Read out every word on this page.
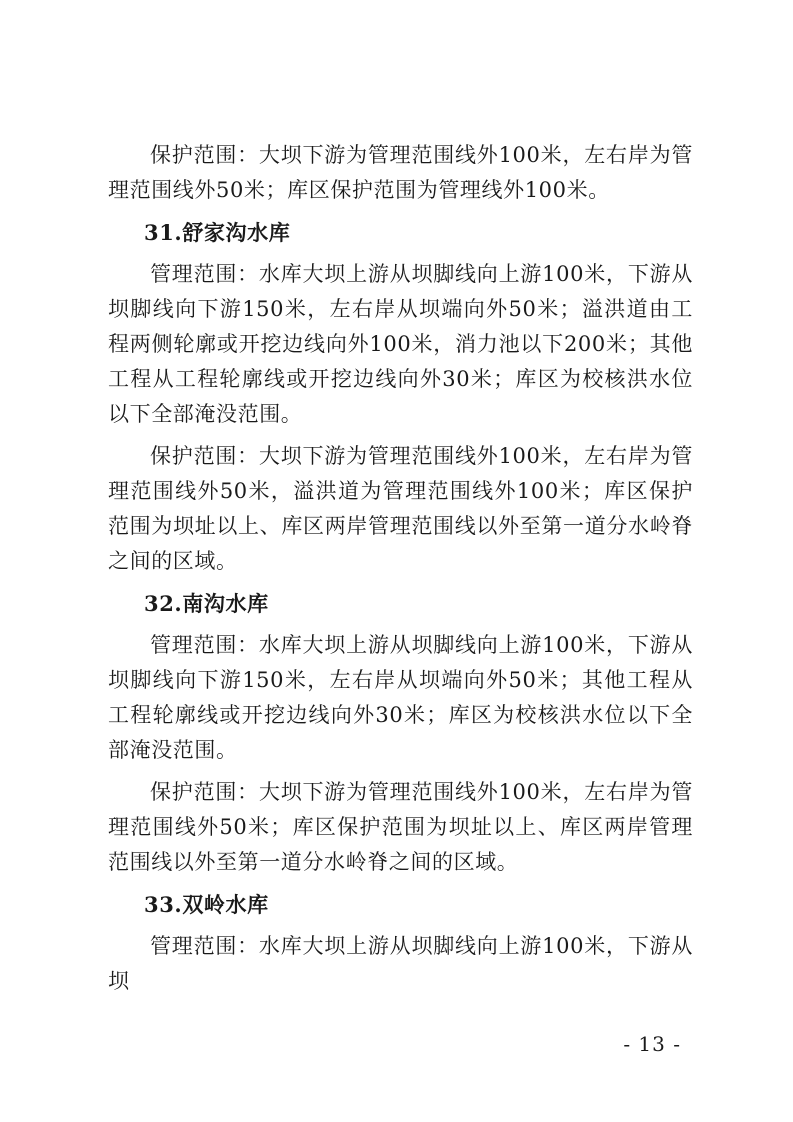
保护范围：大坝下游为管理范围线外100米，左右岸为管理范围线外50米；库区保护范围为管理线外100米。

31.舒家沟水库

管理范围：水库大坝上游从坝脚线向上游100米，下游从坝脚线向下游150米，左右岸从坝端向外50米；溢洪道由工程两侧轮廓或开挖边线向外100米，消力池以下200米；其他工程从工程轮廓线或开挖边线向外30米；库区为校核洪水位以下全部淹没范围。

保护范围：大坝下游为管理范围线外100米，左右岸为管理范围线外50米，溢洪道为管理范围线外100米；库区保护范围为坝址以上、库区两岸管理范围线以外至第一道分水岭脊之间的区域。

32.南沟水库

管理范围：水库大坝上游从坝脚线向上游100米，下游从坝脚线向下游150米，左右岸从坝端向外50米；其他工程从工程轮廓线或开挖边线向外30米；库区为校核洪水位以下全部淹没范围。

保护范围：大坝下游为管理范围线外100米，左右岸为管理范围线外50米；库区保护范围为坝址以上、库区两岸管理范围线以外至第一道分水岭脊之间的区域。

33.双岭水库

管理范围：水库大坝上游从坝脚线向上游100米，下游从坝

- 13 -
